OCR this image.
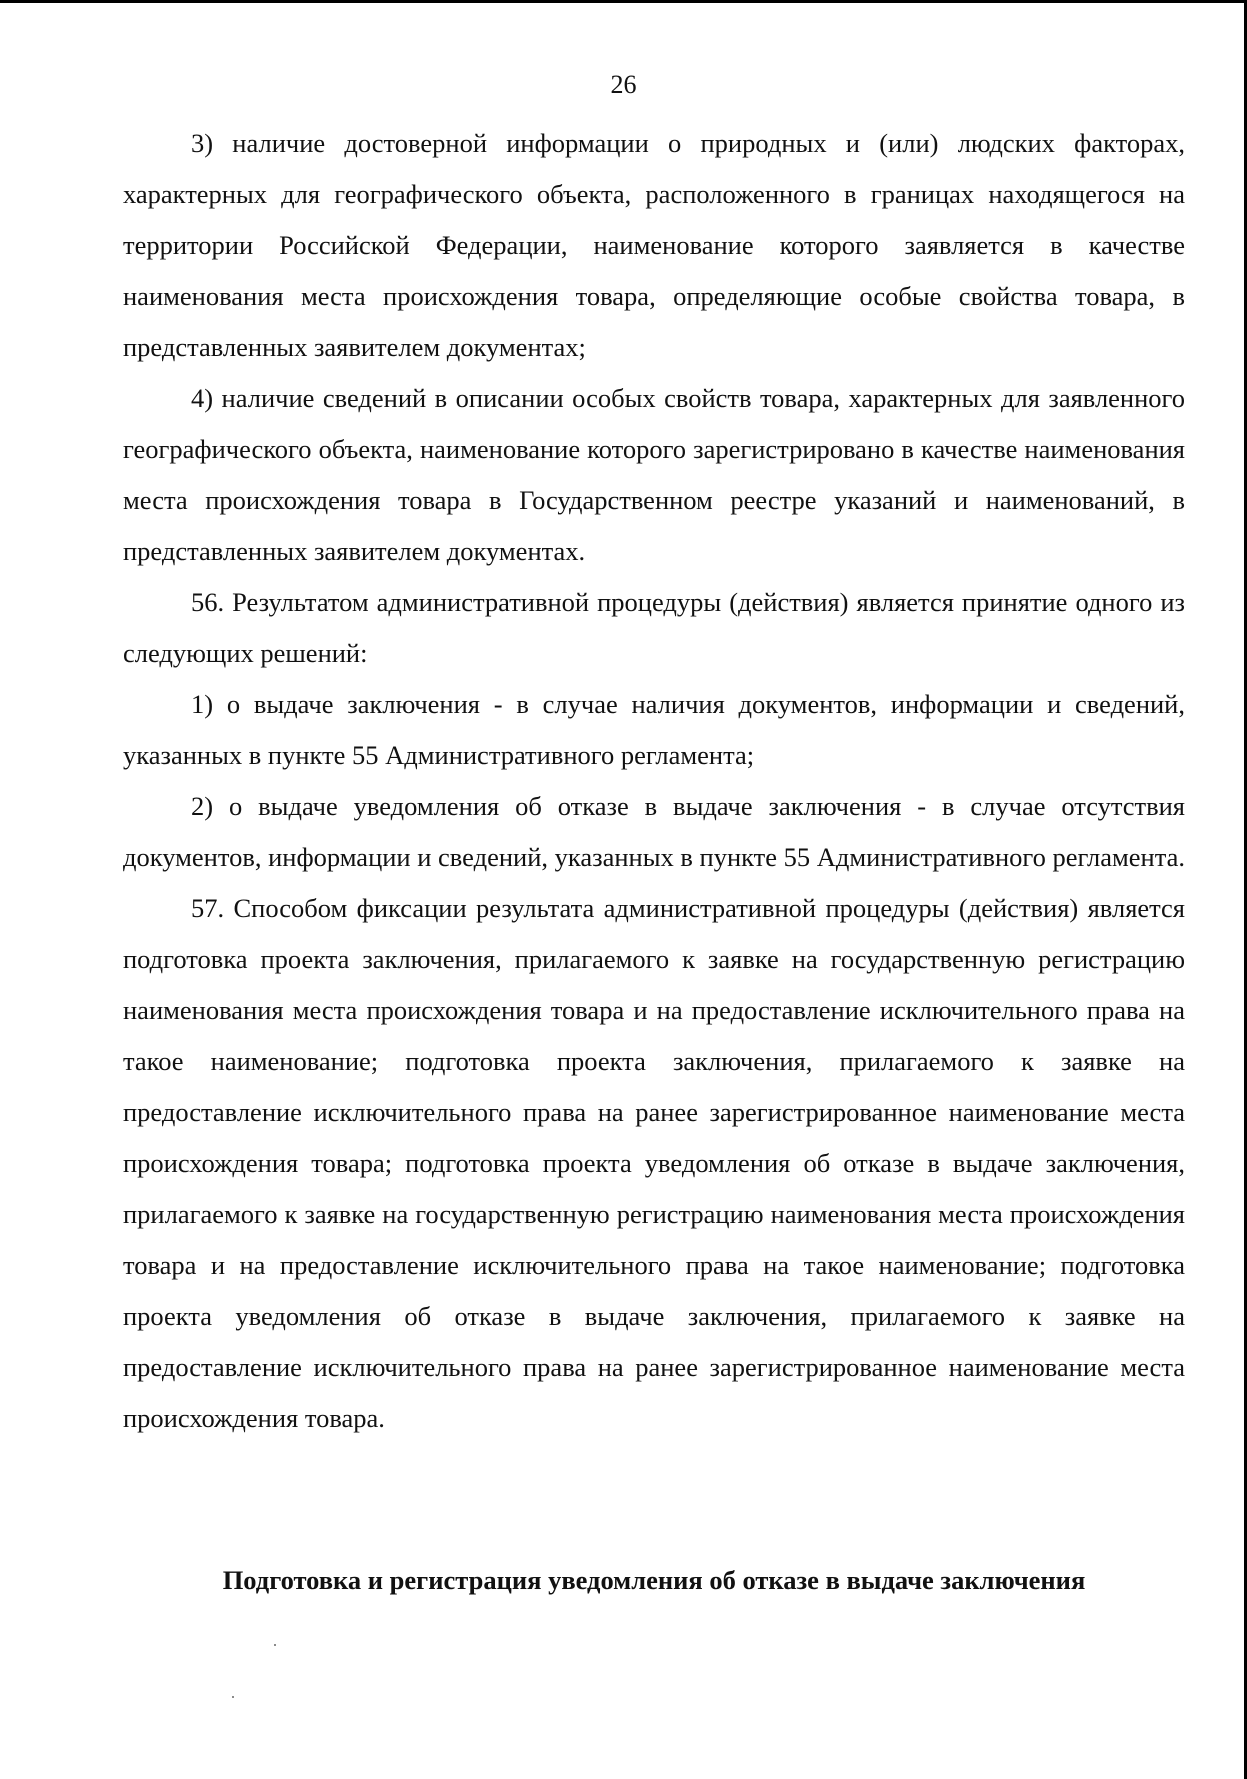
26

3) наличие достоверной информации о природных и (или) людских факторах, характерных для географического объекта, расположенного в границах находящегося на территории Российской Федерации, наименование которого заявляется в качестве наименования места происхождения товара, определяющие особые свойства товара, в представленных заявителем документах;

4) наличие сведений в описании особых свойств товара, характерных для заявленного географического объекта, наименование которого зарегистрировано в качестве наименования места происхождения товара в Государственном реестре указаний и наименований, в представленных заявителем документах.

56. Результатом административной процедуры (действия) является принятие одного из следующих решений:

1) о выдаче заключения - в случае наличия документов, информации и сведений, указанных в пункте 55 Административного регламента;

2) о выдаче уведомления об отказе в выдаче заключения - в случае отсутствия документов, информации и сведений, указанных в пункте 55 Административного регламента.

57. Способом фиксации результата административной процедуры (действия) является подготовка проекта заключения, прилагаемого к заявке на государственную регистрацию наименования места происхождения товара и на предоставление исключительного права на такое наименование; подготовка проекта заключения, прилагаемого к заявке на предоставление исключительного права на ранее зарегистрированное наименование места происхождения товара; подготовка проекта уведомления об отказе в выдаче заключения, прилагаемого к заявке на государственную регистрацию наименования места происхождения товара и на предоставление исключительного права на такое наименование; подготовка проекта уведомления об отказе в выдаче заключения, прилагаемого к заявке на предоставление исключительного права на ранее зарегистрированное наименование места происхождения товара.

Подготовка и регистрация уведомления об отказе в выдаче заключения
